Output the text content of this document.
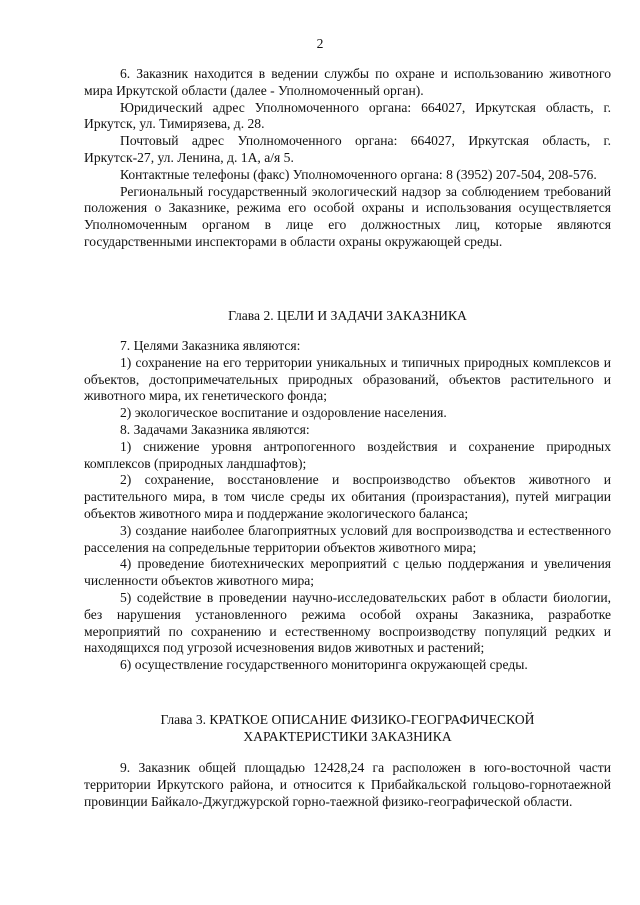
2

6. Заказник находится в ведении службы по охране и использованию животного мира Иркутской области (далее - Уполномоченный орган).

Юридический адрес Уполномоченного органа: 664027, Иркутская область, г. Иркутск, ул. Тимирязева, д. 28.

Почтовый адрес Уполномоченного органа: 664027, Иркутская область, г. Иркутск-27, ул. Ленина, д. 1А, а/я 5.

Контактные телефоны (факс) Уполномоченного органа: 8 (3952) 207-504, 208-576.

Региональный государственный экологический надзор за соблюдением требований положения о Заказнике, режима его особой охраны и использования осуществляется Уполномоченным органом в лице его должностных лиц, которые являются государственными инспекторами в области охраны окружающей среды.

Глава 2. ЦЕЛИ И ЗАДАЧИ ЗАКАЗНИКА

7. Целями Заказника являются:

1) сохранение на его территории уникальных и типичных природных комплексов и объектов, достопримечательных природных образований, объектов растительного и животного мира, их генетического фонда;

2) экологическое воспитание и оздоровление населения.

8. Задачами Заказника являются:

1) снижение уровня антропогенного воздействия и сохранение природных комплексов (природных ландшафтов);

2) сохранение, восстановление и воспроизводство объектов животного и растительного мира, в том числе среды их обитания (произрастания), путей миграции объектов животного мира и поддержание экологического баланса;

3) создание наиболее благоприятных условий для воспроизводства и естественного расселения на сопредельные территории объектов животного мира;

4) проведение биотехнических мероприятий с целью поддержания и увеличения численности объектов животного мира;

5) содействие в проведении научно-исследовательских работ в области биологии, без нарушения установленного режима особой охраны Заказника, разработке мероприятий по сохранению и естественному воспроизводству популяций редких и находящихся под угрозой исчезновения видов животных и растений;

6) осуществление государственного мониторинга окружающей среды.

Глава 3. КРАТКОЕ ОПИСАНИЕ ФИЗИКО-ГЕОГРАФИЧЕСКОЙ

ХАРАКТЕРИСТИКИ ЗАКАЗНИКА

9. Заказник общей площадью 12428,24 га расположен в юго-восточной части территории Иркутского района, и относится к Прибайкальской гольцово-горнотаежной провинции Байкало-Джугджурской горно-таежной физико-географической области.
